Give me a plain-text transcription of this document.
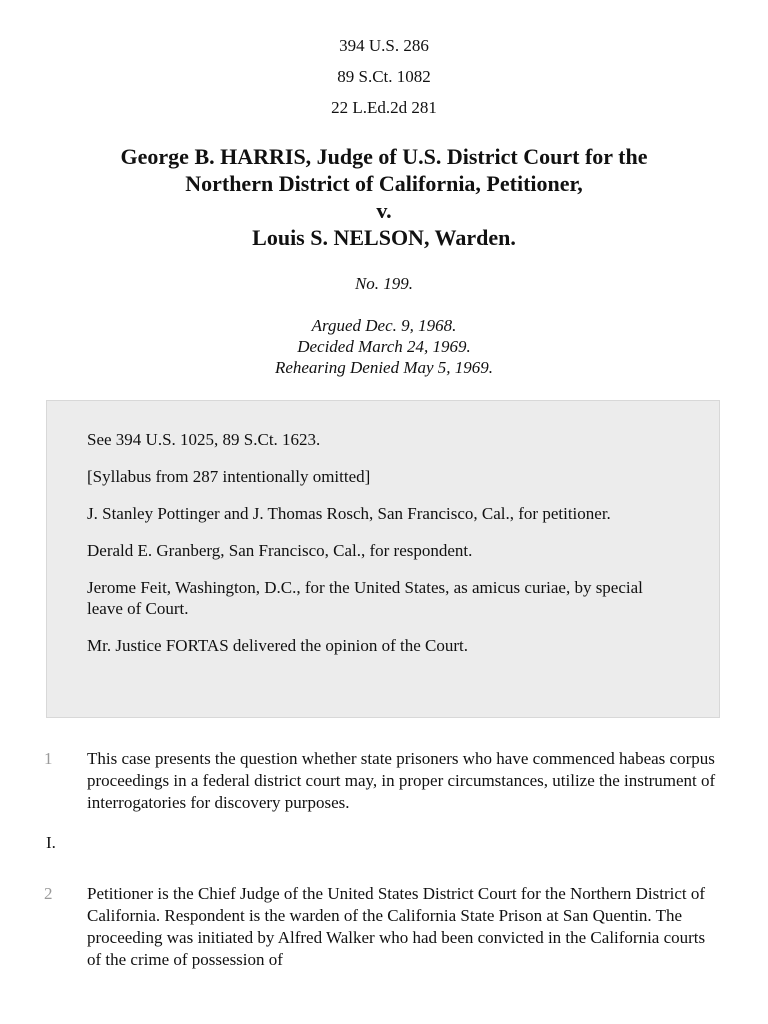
394 U.S. 286
89 S.Ct. 1082
22 L.Ed.2d 281
George B. HARRIS, Judge of U.S. District Court for the
Northern District of California, Petitioner,
v.
Louis S. NELSON, Warden.
No. 199.
Argued Dec. 9, 1968.
Decided March 24, 1969.
Rehearing Denied May 5, 1969.

See 394 U.S. 1025, 89 S.Ct. 1623.

[Syllabus from 287 intentionally omitted]

J. Stanley Pottinger and J. Thomas Rosch, San Francisco, Cal., for petitioner.

Derald E. Granberg, San Francisco, Cal., for respondent.

Jerome Feit, Washington, D.C., for the United States, as amicus curiae, by special leave of Court.

Mr. Justice FORTAS delivered the opinion of the Court.

1 This case presents the question whether state prisoners who have commenced habeas corpus proceedings in a federal district court may, in proper circumstances, utilize the instrument of interrogatories for discovery purposes.
I.
2 Petitioner is the Chief Judge of the United States District Court for the Northern District of California. Respondent is the warden of the California State Prison at San Quentin. The proceeding was initiated by Alfred Walker who had been convicted in the California courts of the crime of possession of
